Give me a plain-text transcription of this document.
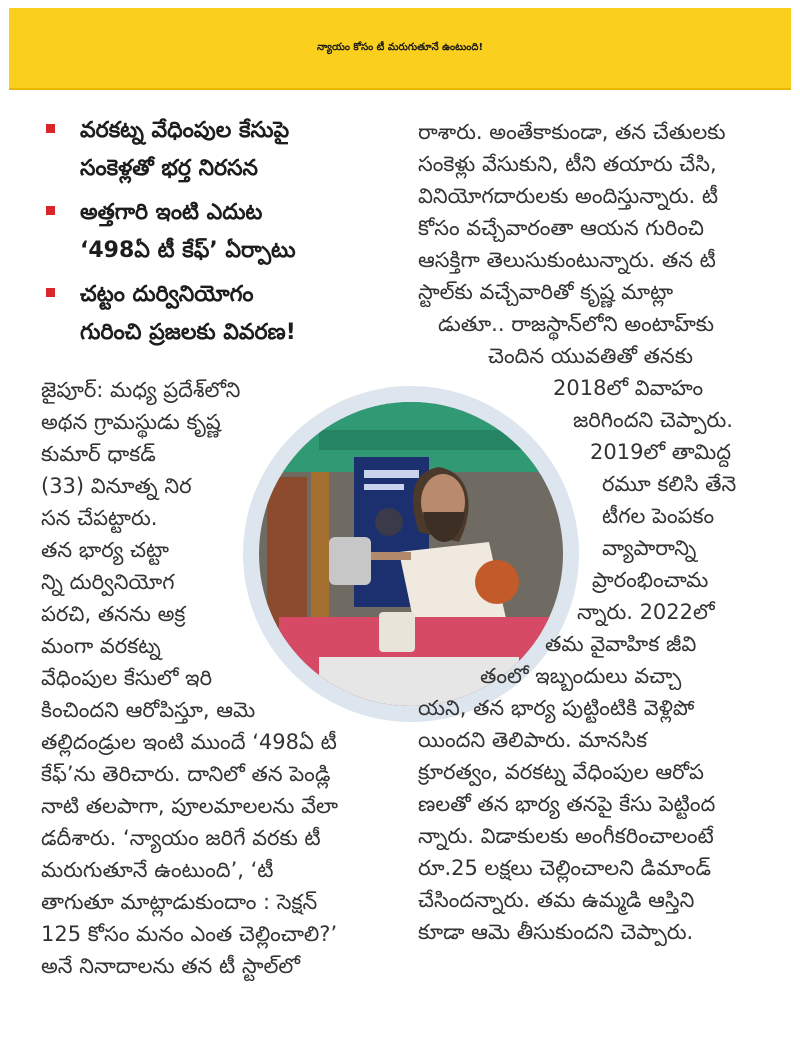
న్యాయం కోసం టీ మరుగుతూనే ఉంటుంది!
వరకట్న వేధింపుల కేసుపై
సంకెళ్లతో భర్త నిరసన
అత్తగారి ఇంటి ఎదుట
‘498ఏ టీ కేఫ్’ ఏర్పాటు
చట్టం దుర్వినియోగం
గురించి ప్రజలకు వివరణ!
జైపూర్: మధ్య ప్రదేశ్‌లోని
అథన గ్రామస్థుడు కృష్ణ
కుమార్ ధాకడ్
(33) వినూత్న నిర
సన చేపట్టారు.
తన భార్య చట్టా
న్ని దుర్వినియోగ
పరచి, తనను అక్ర
మంగా వరకట్న
వేధింపుల కేసులో ఇరి
కించిందని ఆరోపిస్తూ, ఆమె
తల్లిదండ్రుల ఇంటి ముందే ‘498ఏ టీ
కేఫ్’ను తెరిచారు. దానిలో తన పెండ్లి
నాటి తలపాగా, పూలమాలలను వేలా
డదీశారు. ‘న్యాయం జరిగే వరకు టీ
మరుగుతూనే ఉంటుంది’, ‘టీ
తాగుతూ మాట్లాడుకుందాం : సెక్షన్
125 కోసం మనం ఎంత చెల్లించాలి?’
అనే నినాదాలను తన టీ స్టాల్‌లో
రాశారు. అంతేకాకుండా, తన చేతులకు
సంకెళ్లు వేసుకుని, టీని తయారు చేసి,
వినియోగదారులకు అందిస్తున్నారు. టీ
కోసం వచ్చేవారంతా ఆయన గురించి
ఆసక్తిగా తెలుసుకుంటున్నారు. తన టీ
స్టాల్‌కు వచ్చేవారితో కృష్ణ మాట్లా
డుతూ.. రాజస్థాన్‌లోని అంటాహ్‌కు
చెందిన యువతితో తనకు
2018లో వివాహం
జరిగిందని చెప్పారు.
2019లో తామిద్ద
రమూ కలిసి తేనె
టీగల పెంపకం
వ్యాపారాన్ని
ప్రారంభించామ
న్నారు. 2022లో
తమ వైవాహిక జీవి
తంలో ఇబ్బందులు వచ్చా
యని, తన భార్య పుట్టింటికి వెళ్లిపో
యిందని తెలిపారు. మానసిక
క్రూరత్వం, వరకట్న వేధింపుల ఆరోప
ణలతో తన భార్య తనపై కేసు పెట్టింద
న్నారు. విడాకులకు అంగీకరించాలంటే
రూ.25 లక్షలు చెల్లించాలని డిమాండ్
చేసిందన్నారు. తమ ఉమ్మడి ఆస్తిని
కూడా ఆమె తీసుకుందని చెప్పారు.
